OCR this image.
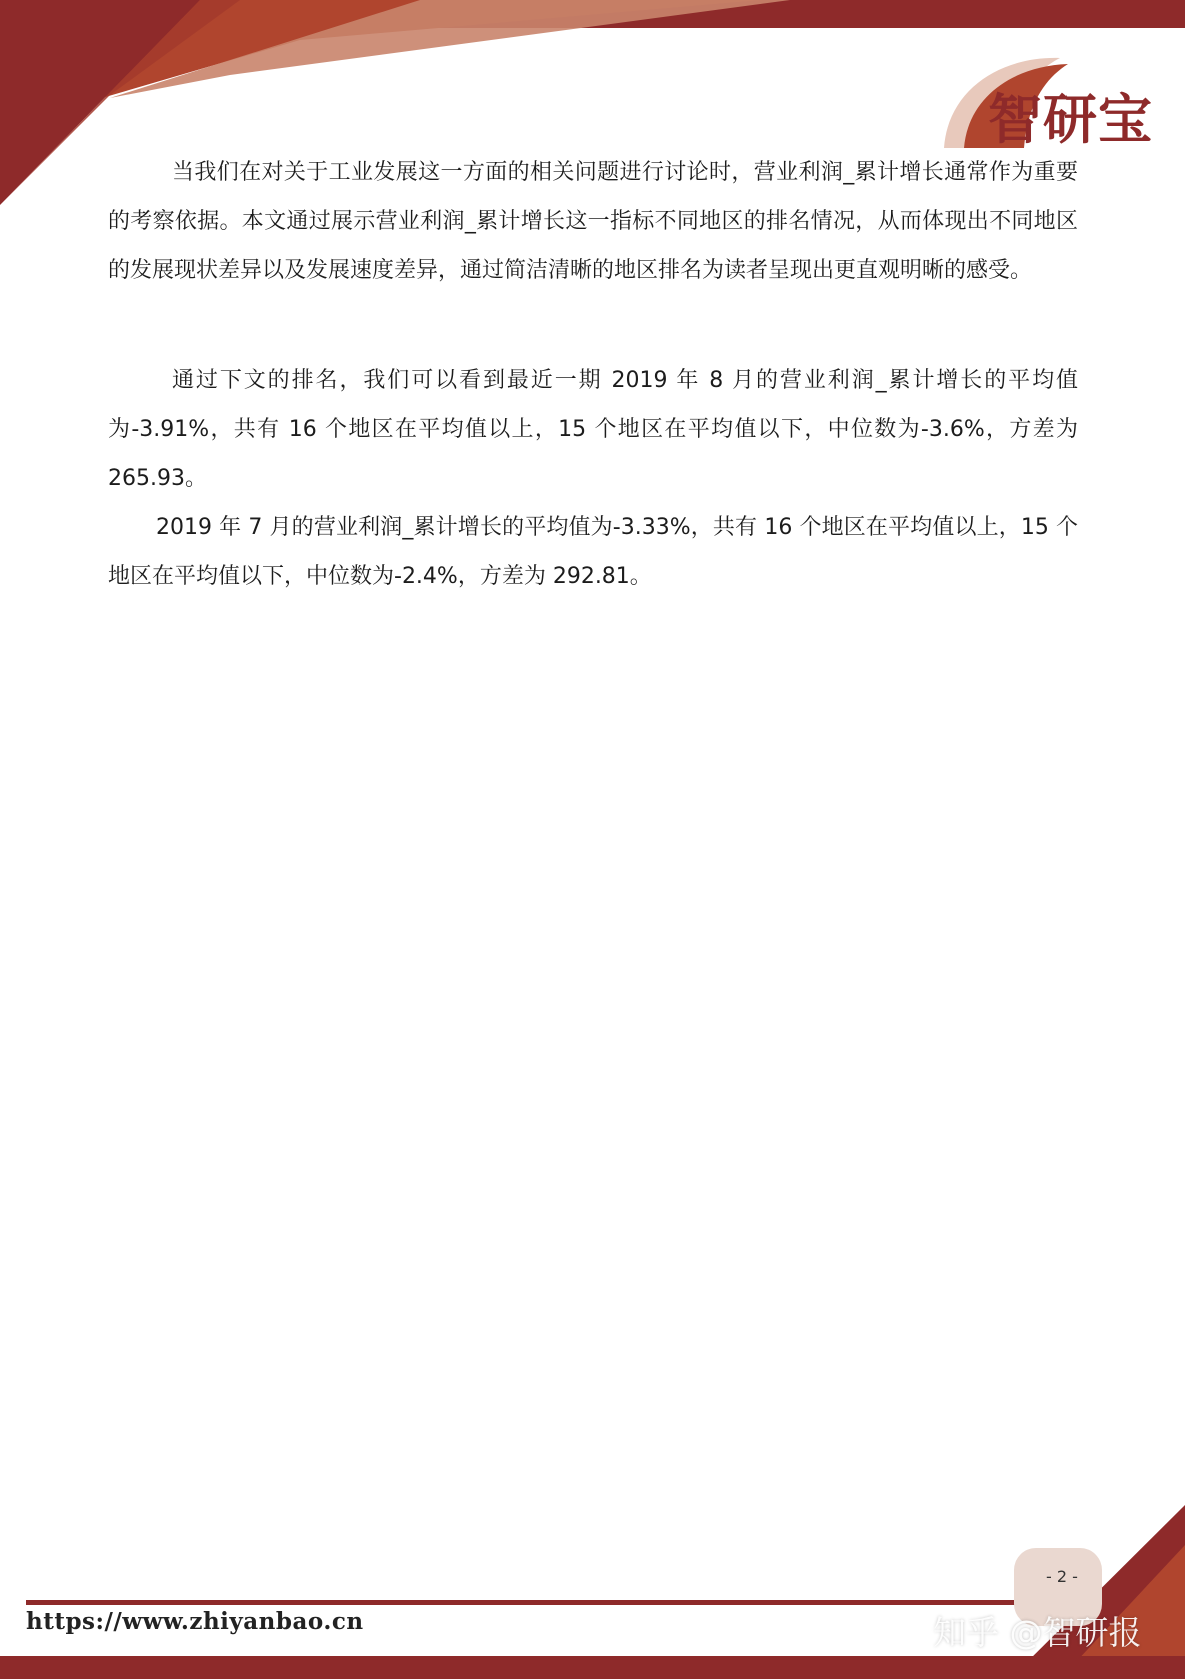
智研宝

当我们在对关于工业发展这一方面的相关问题进行讨论时，营业利润_累计增长通常作为重要的考察依据。本文通过展示营业利润_累计增长这一指标不同地区的排名情况，从而体现出不同地区的发展现状差异以及发展速度差异，通过简洁清晰的地区排名为读者呈现出更直观明晰的感受。

通过下文的排名，我们可以看到最近一期 2019 年 8 月的营业利润_累计增长的平均值为-3.91%，共有 16 个地区在平均值以上，15 个地区在平均值以下，中位数为-3.6%，方差为 265.93。

2019 年 7 月的营业利润_累计增长的平均值为-3.33%，共有 16 个地区在平均值以上，15 个地区在平均值以下，中位数为-2.4%，方差为 292.81。

- 2 -
https://www.zhiyanbao.cn	知乎 @智研报
